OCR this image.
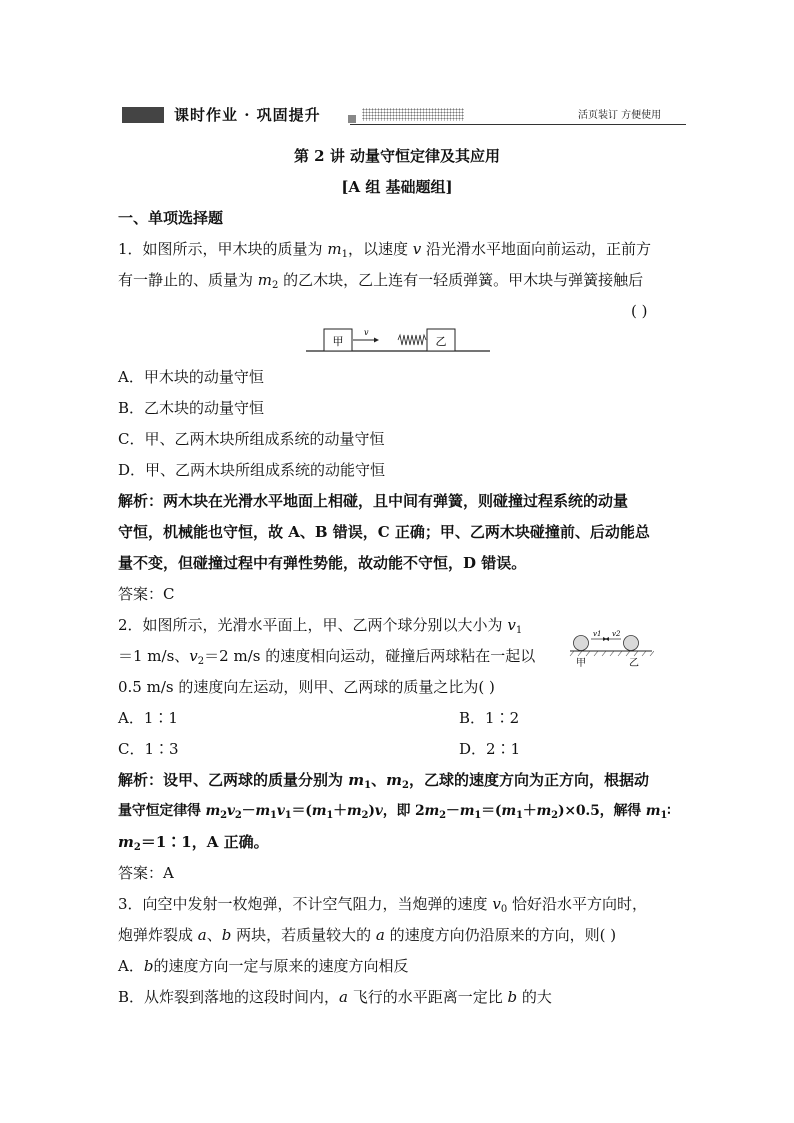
课时作业 · 巩固提升	活页装订 方便使用
第 2 讲 动量守恒定律及其应用
[A 组 基础题组]
一、单项选择题
1．如图所示，甲木块的质量为 $m_1$，以速度 v 沿光滑水平地面向前运动，正前方
有一静止的、质量为 $m_2$ 的乙木块，乙上连有一轻质弹簧。甲木块与弹簧接触后
( )
甲
v
乙
A．甲木块的动量守恒
B．乙木块的动量守恒
C．甲、乙两木块所组成系统的动量守恒
D．甲、乙两木块所组成系统的动能守恒
解析：两木块在光滑水平地面上相碰，且中间有弹簧，则碰撞过程系统的动量
守恒，机械能也守恒，故 A、B 错误，C 正确；甲、乙两木块碰撞前、后动能总
量不变，但碰撞过程中有弹性势能，故动能不守恒，D 错误。
答案：C
2．如图所示，光滑水平面上，甲、乙两个球分别以大小为 $v_1$
＝1 m/s、$v_2=2$ m/s 的速度相向运动，碰撞后两球粘在一起以
0.5 m/s 的速度向左运动，则甲、乙两球的质量之比为( )
v1 v2
甲	乙
A．1∶1	B．1∶2
C．1∶3	D．2∶1
解析：设甲、乙两球的质量分别为 $m_1$、$m_2$，乙球的速度方向为正方向，根据动
量守恒定律得 $m_2v_2-m_1v_1=(m_1+m_2)v$，即 $2m_2-m_1=(m_1+m_2)\times 0.5$，解得 $m_1∶$
$m_2=1∶1$，A 正确。
答案：A
3．向空中发射一枚炮弹，不计空气阻力，当炮弹的速度 $v_0$ 恰好沿水平方向时，
炮弹炸裂成 a、b 两块，若质量较大的 a 的速度方向仍沿原来的方向，则( )
A．b的速度方向一定与原来的速度方向相反
B．从炸裂到落地的这段时间内，a 飞行的水平距离一定比 b 的大
